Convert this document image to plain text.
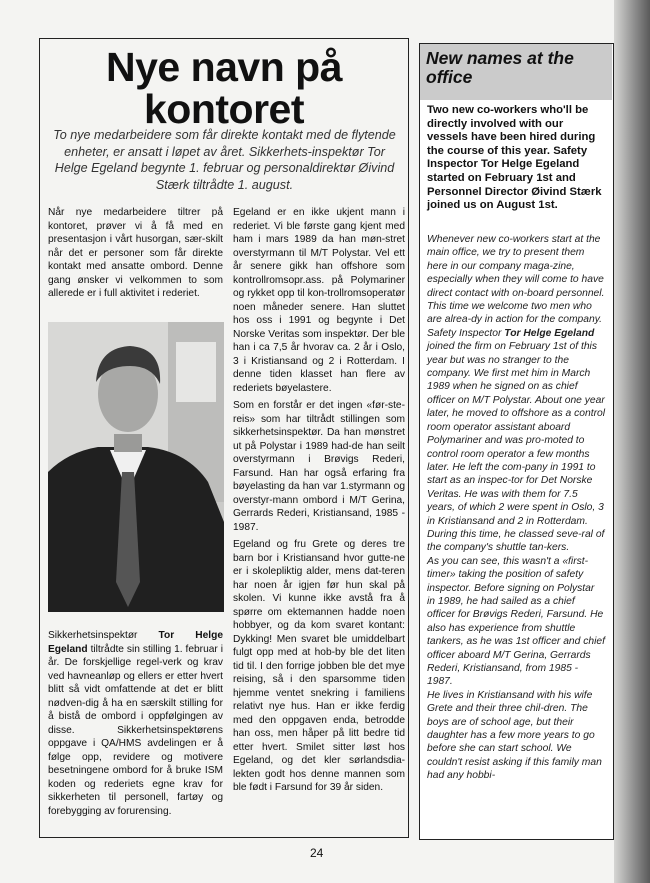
Nye navn på
kontoret

To nye medarbeidere som får direkte kontakt med de flytende enheter, er ansatt i løpet av året. Sikkerhets-inspektør Tor Helge Egeland begynte 1. februar og personaldirektør Øivind Stærk tiltrådte 1. august.

Når nye medarbeidere tiltrer på kontoret, prøver vi å få med en presentasjon i vårt husorgan, sær-skilt når det er personer som får direkte kontakt med ansatte ombord. Denne gang ønsker vi velkommen to som allerede er i full aktivitet i rederiet.

Sikkerhetsinspektør Tor Helge Egeland tiltrådte sin stilling 1. februar i år. De forskjellige regel-verk og krav ved havneanløp og ellers er etter hvert blitt så vidt omfattende at det er blitt nødven-dig å ha en særskilt stilling for å bistå de ombord i oppfølgingen av disse. Sikkerhetsinspektørens oppgave i QA/HMS avdelingen er å følge opp, revidere og motivere besetningene ombord for å bruke ISM koden og rederiets egne krav for sikkerheten til personell, fartøy og forebygging av forurensing.

Egeland er en ikke ukjent mann i rederiet. Vi ble første gang kjent med ham i mars 1989 da han møn-stret overstyrmann til M/T Polystar. Vel ett år senere gikk han offshore som kontrollromsopr.ass. på Polymariner og rykket opp til kon-trollromsoperatør noen måneder senere. Han sluttet hos oss i 1991 og begynte i Det Norske Veritas som inspektør. Der ble han i ca 7,5 år hvorav ca. 2 år i Oslo, 3 i Kristiansand og 2 i Rotterdam. I denne tiden klasset han flere av rederiets bøyelastere.

Som en forstår er det ingen «før-ste-reis» som har tiltrådt stillingen som sikkerhetsinspektør. Da han mønstret ut på Polystar i 1989 had-de han seilt overstyrmann i Brøvigs Rederi, Farsund. Han har også erfaring fra bøyelasting da han var 1.styrmann og overstyr-mann ombord i M/T Gerina, Gerrards Rederi, Kristiansand, 1985 - 1987.

Egeland og fru Grete og deres tre barn bor i Kristiansand hvor gutte-ne er i skolepliktig alder, mens dat-teren har noen år igjen før hun skal på skolen. Vi kunne ikke avstå fra å spørre om ektemannen hadde noen hobbyer, og da kom svaret kontant: Dykking! Men svaret ble umiddelbart fulgt opp med at hob-by ble det liten tid til. I den forrige jobben ble det mye reising, så i den sparsomme tiden hjemme ventet snekring i familiens relativt nye hus. Han er ikke ferdig med den oppgaven enda, betrodde han oss, men håper på litt bedre tid etter hvert. Smilet sitter løst hos Egeland, og det kler sørlandsdia-lekten godt hos denne mannen som ble født i Farsund for 39 år siden.

New names at the office

Two new co-workers who'll be directly involved with our vessels have been hired during the course of this year. Safety Inspector Tor Helge Egeland started on February 1st and Personnel Director Øivind Stærk joined us on August 1st.

Whenever new co-workers start at the main office, we try to present them here in our company maga-zine, especially when they will come to have direct contact with on-board personnel. This time we welcome two men who are alrea-dy in action for the company.

Safety Inspector Tor Helge Egeland joined the firm on February 1st of this year but was no stranger to the company. We first met him in March 1989 when he signed on as chief officer on M/T Polystar. About one year later, he moved to offshore as a control room operator assistant aboard Polymariner and was pro-moted to control room operator a few months later. He left the com-pany in 1991 to start as an inspec-tor for Det Norske Veritas. He was with them for 7.5 years, of which 2 were spent in Oslo, 3 in Kristiansand and 2 in Rotterdam. During this time, he classed seve-ral of the company's shuttle tan-kers.

As you can see, this wasn't a «first-timer» taking the position of safety inspector. Before signing on Polystar in 1989, he had sailed as a chief officer for Brøvigs Rederi, Farsund. He also has experience from shuttle tankers, as he was 1st officer and chief officer aboard M/T Gerina, Gerrards Rederi, Kristiansand, from 1985 - 1987.

He lives in Kristiansand with his wife Grete and their three chil-dren. The boys are of school age, but their daughter has a few more years to go before she can start school. We couldn't resist asking if this family man had any hobbi-

24
